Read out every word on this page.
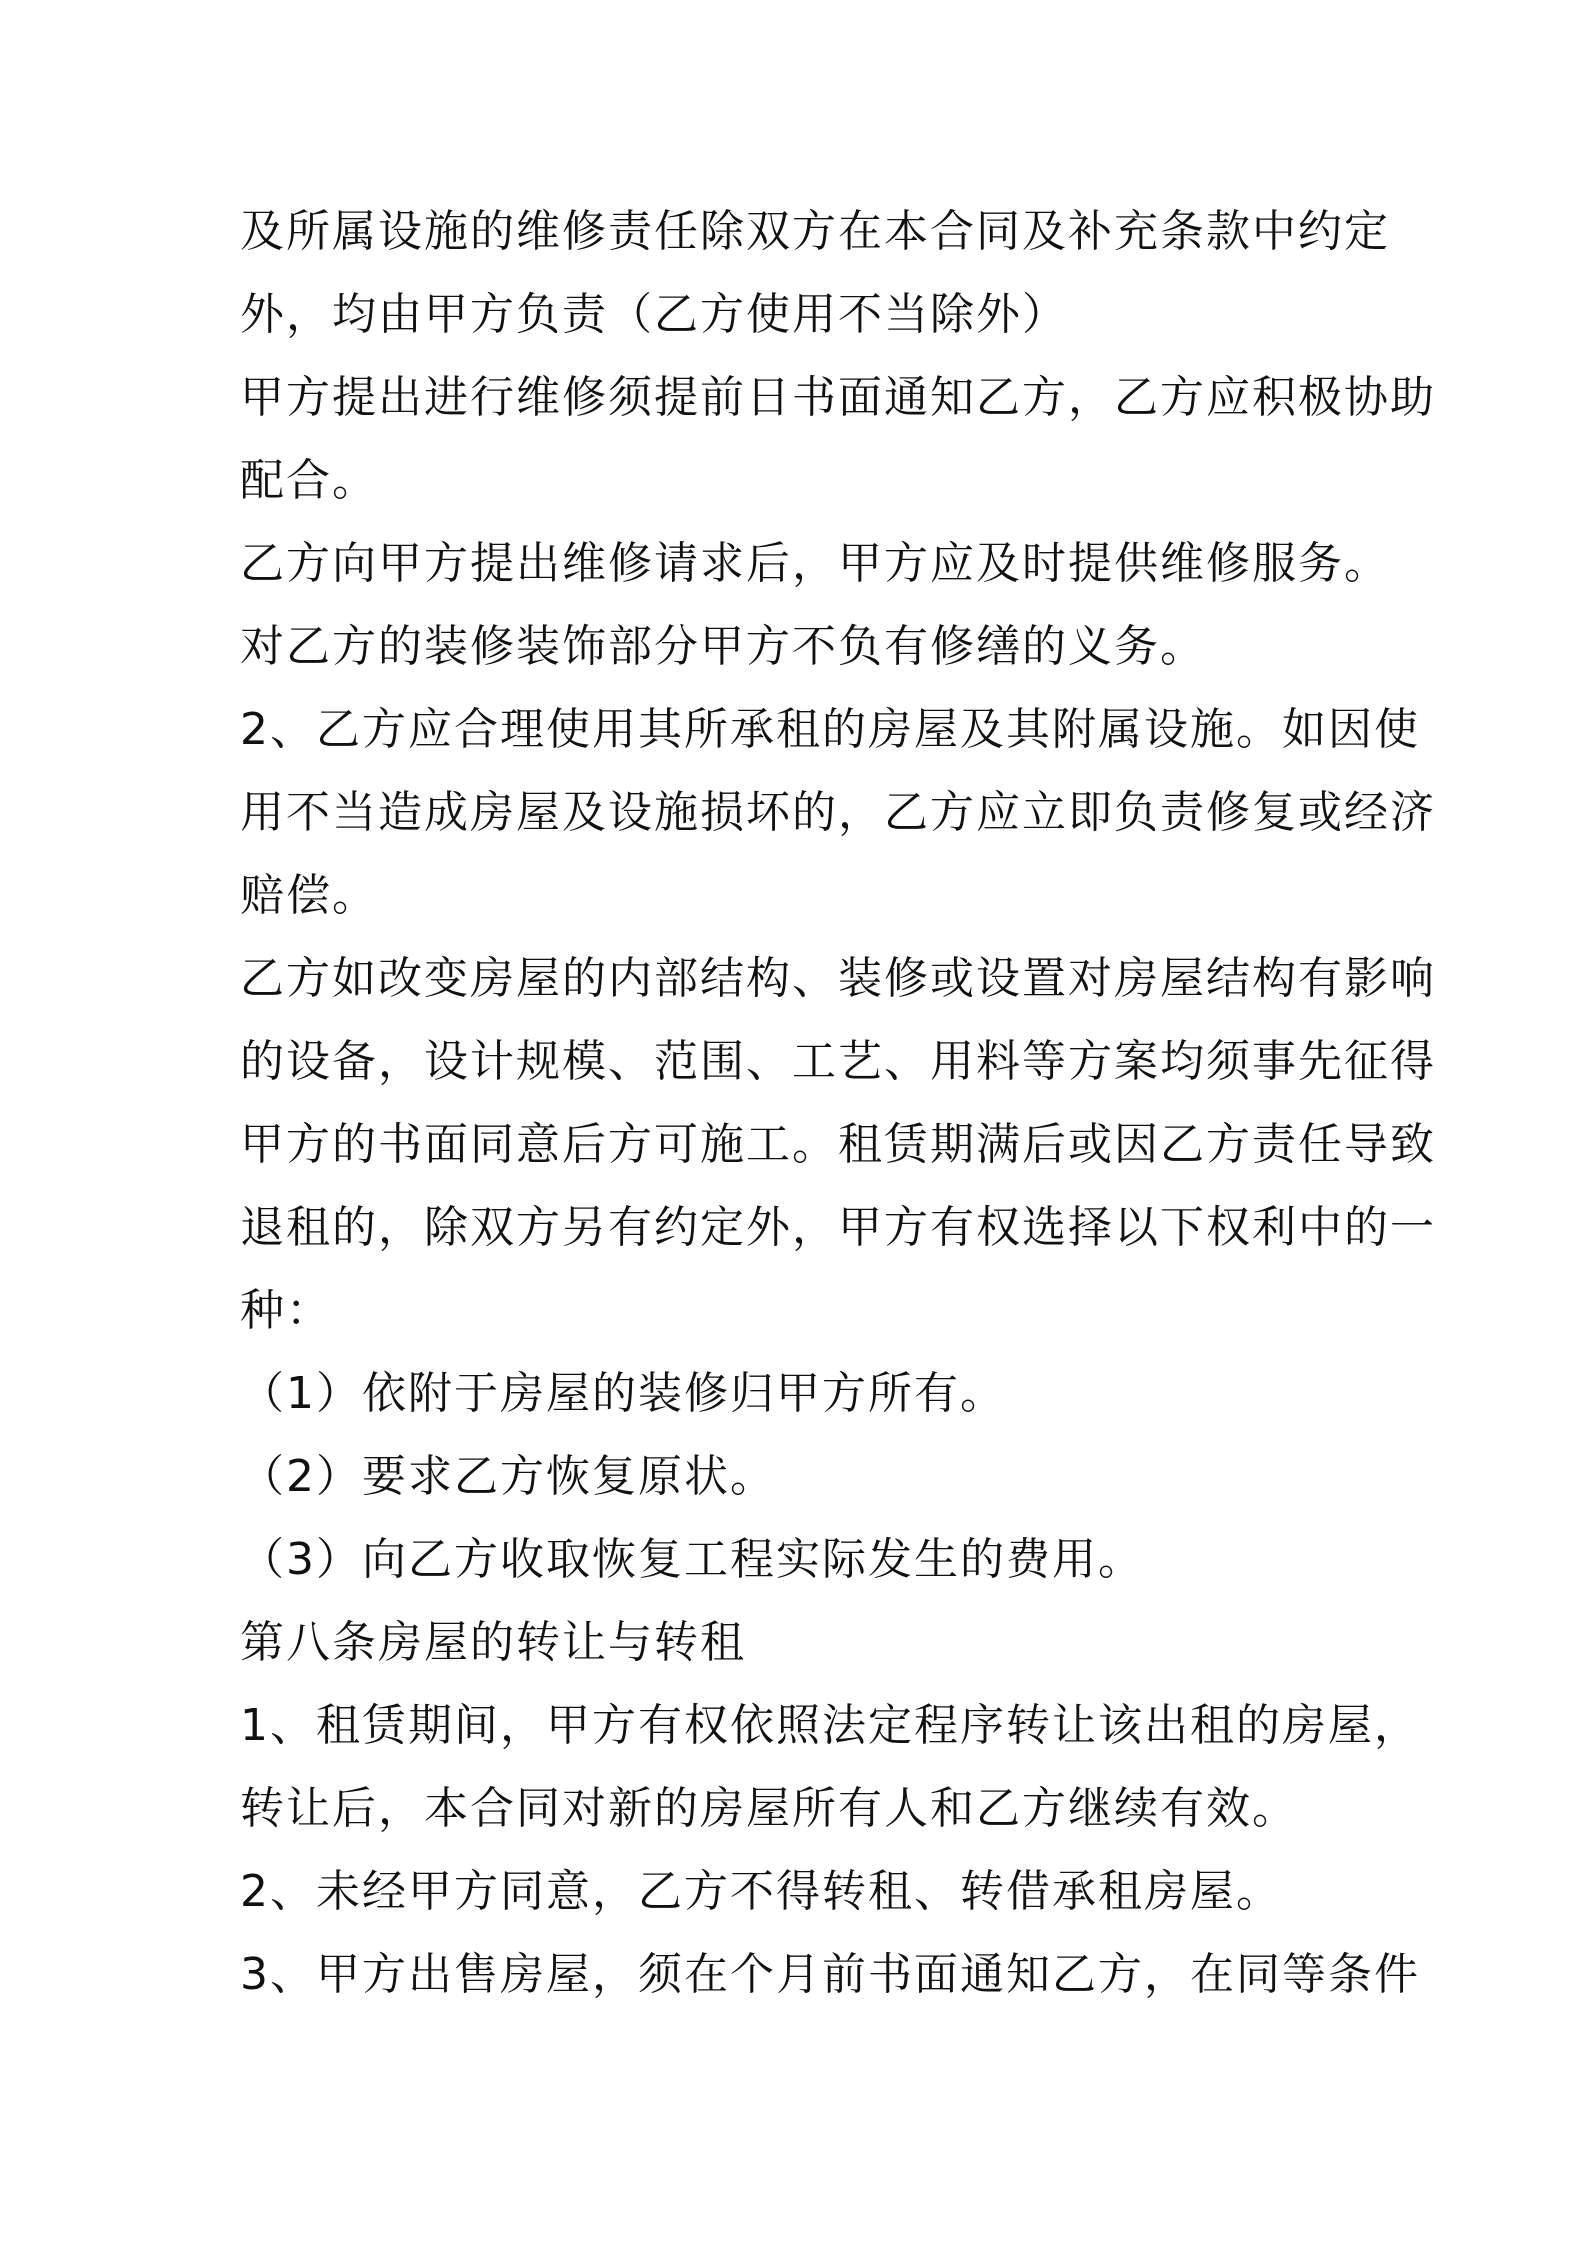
及所属设施的维修责任除双方在本合同及补充条款中约定
外，均由甲方负责（乙方使用不当除外）
甲方提出进行维修须提前日书面通知乙方，乙方应积极协助
配合。
乙方向甲方提出维修请求后，甲方应及时提供维修服务。
对乙方的装修装饰部分甲方不负有修缮的义务。
2、乙方应合理使用其所承租的房屋及其附属设施。如因使
用不当造成房屋及设施损坏的，乙方应立即负责修复或经济
赔偿。
乙方如改变房屋的内部结构、装修或设置对房屋结构有影响
的设备，设计规模、范围、工艺、用料等方案均须事先征得
甲方的书面同意后方可施工。租赁期满后或因乙方责任导致
退租的，除双方另有约定外，甲方有权选择以下权利中的一
种：
（1）依附于房屋的装修归甲方所有。
（2）要求乙方恢复原状。
（3）向乙方收取恢复工程实际发生的费用。
第八条房屋的转让与转租
1、租赁期间，甲方有权依照法定程序转让该出租的房屋，
转让后，本合同对新的房屋所有人和乙方继续有效。
2、未经甲方同意，乙方不得转租、转借承租房屋。
3、甲方出售房屋，须在个月前书面通知乙方，在同等条件
